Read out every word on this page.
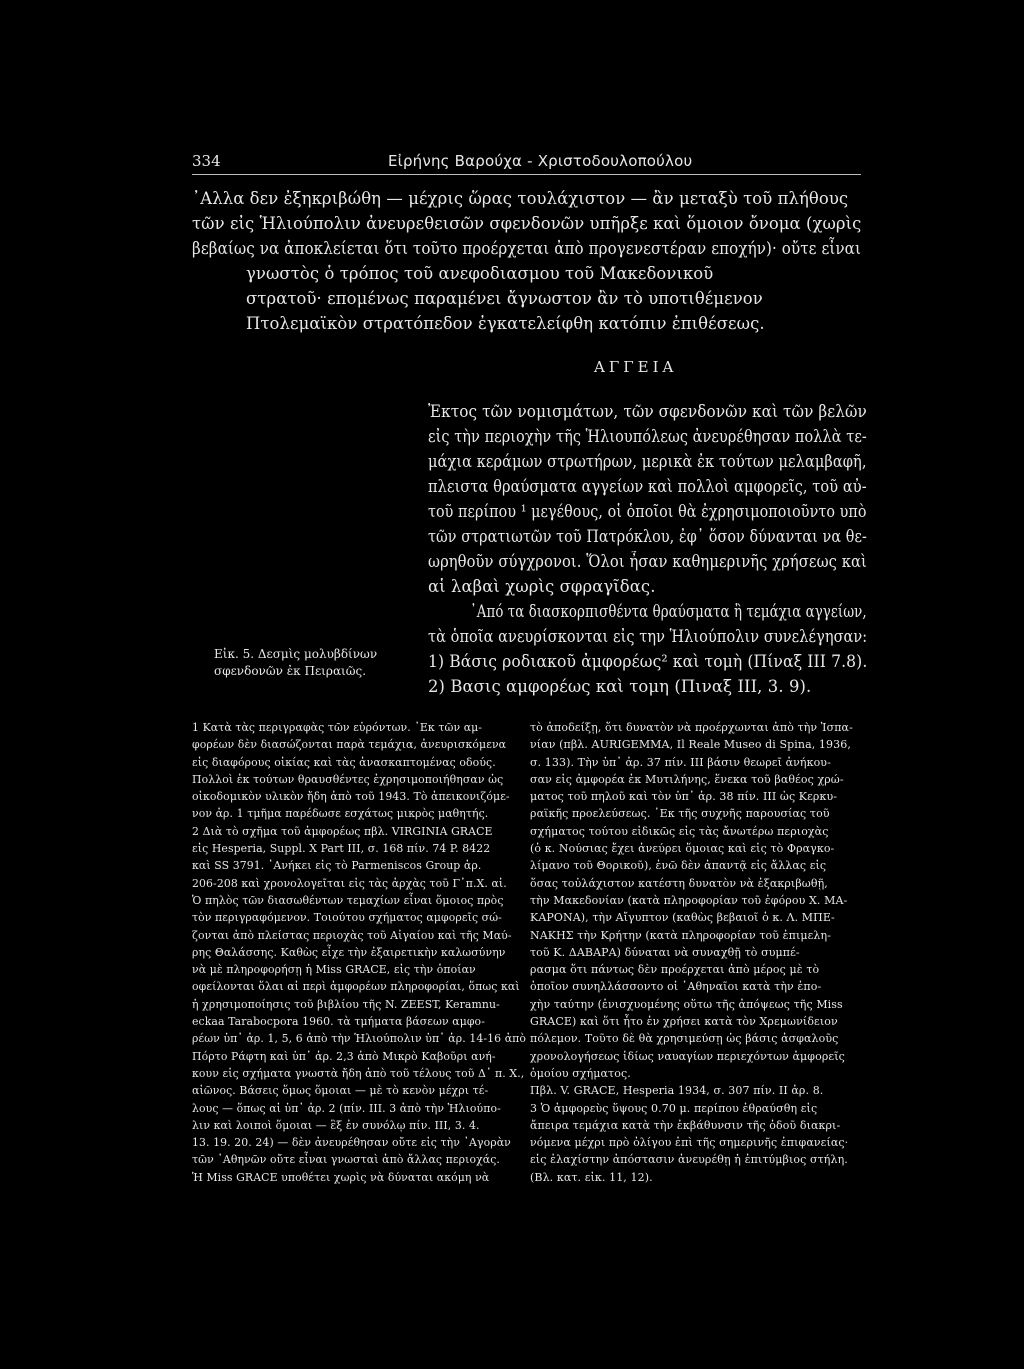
334	Εἰρήνης Βαρούχα - Χριστοδουλοπούλου
᾿Αλλα δεν ἐξηκριβώθη — μέχρις ὥρας τουλάχιστον — ἂν μεταξὺ τοῦ πλήθους
τῶν εἰς Ἡλιούπολιν ἀνευρεθεισῶν σφενδονῶν υπῆρξε καὶ ὅμοιον ὄνομα (χωρὶς
βεβαίως να ἀποκλείεται ὅτι τοῦτο προέρχεται ἀπὸ προγενεστέραν εποχήν)· οὔτε εἶναι
γνωστὸς ὁ τρόπος τοῦ ανεφοδιασμου τοῦ Μακεδονικοῦ
στρατοῦ· επομένως παραμένει ἄγνωστον ἂν τὸ υποτιθέμενον
Πτολεμαϊκὸν στρατόπεδον ἐγκατελείφθη κατόπιν ἐπιθέσεως.
ΑΓΓΕΙΑ
Ἐκτος τῶν νομισμάτων, τῶν σφενδονῶν καὶ τῶν βελῶν
εἰς τὴν περιοχὴν τῆς Ἡλιουπόλεως ἀνευρέθησαν πολλὰ τε-
μάχια κεράμων στρωτήρων, μερικὰ ἐκ τούτων μελαμβαφῆ,
πλειστα θραύσματα αγγείων καὶ πολλοὶ αμφορεῖς, τοῦ αὐ-
τοῦ περίπου ¹ μεγέθους, οἱ ὁποῖοι θὰ ἐχρησιμοποιοῦντο υπὸ
τῶν στρατιωτῶν τοῦ Πατρόκλου, ἐφ᾿ ὅσον δύνανται να θε-
ωρηθοῦν σύγχρονοι. Ὅλοι ἦσαν καθημερινῆς χρήσεως καὶ
αἱ λαβαὶ χωρὶς σφραγῖδας.
᾿Από τα διασκορπισθέντα θραύσματα ἢ τεμάχια αγγείων,
τὰ ὁποῖα ανευρίσκονται εἰς την Ἡλιούπολιν συνελέγησαν:
1) Βάσις ροδιακοῦ ἀμφορέως² καὶ τομὴ (Πίναξ III 7.8).
2) Βασις αμφορέως καὶ τομη (Πιναξ III, 3. 9).
Εἰκ. 5. Δεσμὶς μολυβδίνων
σφενδονῶν ἐκ Πειραιῶς.
1 Κατὰ τὰς περιγραφὰς τῶν εὑρόντων. ᾿Εκ τῶν αμ-
φορέων δὲν διασώζονται παρὰ τεμάχια, ἀνευρισκόμενα
εἰς διαφόρους οἰκίας καὶ τὰς ἀνασκαπτομένας οδούς.
Πολλοὶ ἐκ τούτων θραυσθέντες ἐχρησιμοποιήθησαν ὡς
οἰκοδομικὸν υλικὸν ἤδη ἀπὸ τοῦ 1943. Τὸ ἀπεικονιζόμε-
νον ἀρ. 1 τμῆμα παρέδωσε εσχάτως μικρὸς μαθητής.
2 Διὰ τὸ σχῆμα τοῦ ἀμφορέως πβλ. VIRGINIA GRACE
εἰς Hesperia, Suppl. X Part III, σ. 168 πίν. 74 P. 8422
καὶ SS 3791. ᾿Ανήκει εἰς τὸ Parmeniscos Group ἀρ.
206-208 καὶ χρονολογεῖται εἰς τὰς ἀρχὰς τοῦ Γ᾿π.Χ. αἰ.
Ὁ πηλὸς τῶν διασωθέντων τεμαχίων εἶναι ὅμοιος πρὸς
τὸν περιγραφόμενον. Τοιούτου σχήματος αμφορεῖς σώ-
ζονται ἀπὸ πλείστας περιοχὰς τοῦ Αἰγαίου καὶ τῆς Μαύ-
ρης Θαλάσσης. Καθὼς εἶχε τὴν ἐξαιρετικὴν καλωσύνην
νὰ μὲ πληροφορήσῃ ἡ Miss GRACE, εἰς τὴν ὁποίαν
οφείλονται ὅλαι αἱ περὶ ἀμφορέων πληροφορίαι, ὅπως καὶ
ἡ χρησιμοποίησις τοῦ βιβλίου τῆς N. ZEEST, Keramnu-
eckaa Taraboсpora 1960. τὰ τμήματα βάσεων αμφο-
ρέων ὑπ᾿ ἀρ. 1, 5, 6 ἀπὸ τὴν Ἡλιούπολιν ὑπ᾿ ἀρ. 14-16 ἀπὸ
Πόρτο Ράφτη καὶ ὑπ᾿ ἀρ. 2,3 ἀπὸ Μικρὸ Καβοῦρι ανή-
κουν εἰς σχήματα γνωστὰ ἤδη ἀπὸ τοῦ τέλους τοῦ Δ᾿ π. Χ.,
αἰῶνος. Βάσεις ὅμως ὅμοιαι — μὲ τὸ κενὸν μέχρι τέ-
λους — ὅπως αἱ ὑπ᾿ ἀρ. 2 (πίν. III. 3 ἀπὸ τὴν Ἡλιούπο-
λιν καὶ λοιποὶ ὅμοιαι — ἓξ ἐν συνόλῳ πίν. III, 3. 4.
13. 19. 20. 24) — δὲν ἀνευρέθησαν οὔτε εἰς τὴν ᾿Αγορὰν
τῶν ᾿Αθηνῶν οὔτε εἶναι γνωσταὶ ἀπὸ ἄλλας περιοχάς.
Ἡ Miss GRACE υποθέτει χωρὶς νὰ δύναται ακόμη νὰ
τὸ ἀποδείξῃ, ὅτι δυνατὸν νὰ προέρχωνται ἀπὸ τὴν Ἰσπα-
νίαν (πβλ. AURIGEMMA, Il Reale Museo di Spina, 1936,
σ. 133). Τὴν ὑπ᾿ ἀρ. 37 πίν. III βάσιν θεωρεῖ ἀνήκου-
σαν εἰς ἀμφορέα ἐκ Μυτιλήνης, ἕνεκα τοῦ βαθέος χρώ-
ματος τοῦ πηλοῦ καὶ τὸν ὑπ᾿ ἀρ. 38 πίν. III ὡς Κερκυ-
ραϊκῆς προελεύσεως. ᾿Εκ τῆς συχνῆς παρουσίας τοῦ
σχήματος τούτου εἰδικῶς εἰς τὰς ἄνωτέρω περιοχὰς
(ὁ κ. Νούσιας ἔχει ἀνεύρει ὅμοιας καὶ εἰς τὸ Φραγκο-
λίμανο τοῦ Θορικοῦ), ἐνῶ δὲν ἀπαντᾷ εἰς ἄλλας εἰς
ὅσας τοὐλάχιστον κατέστη δυνατὸν νὰ ἐξακριβωθῇ,
τὴν Μακεδονίαν (κατὰ πληροφορίαν τοῦ ἐφόρου Χ. ΜΑ-
ΚΑΡΟΝΑ), τὴν Αἴγυπτον (καθὼς βεβαιοῖ ὁ κ. Λ. ΜΠΕ-
ΝΑΚΗΣ τὴν Κρήτην (κατὰ πληροφορίαν τοῦ ἐπιμελη-
τοῦ Κ. ΔΑΒΑΡΑ) δύναται νὰ συναχθῇ τὸ συμπέ-
ρασμα ὅτι πάντως δὲν προέρχεται ἀπὸ μέρος μὲ τὸ
ὁποῖον συνηλλάσσοντο οἱ ᾿Αθηναῖοι κατὰ τὴν ἐπο-
χὴν ταύτην (ἐνισχυομένης οὕτω τῆς ἀπόψεως τῆς Miss
GRACE) καὶ ὅτι ἦτο ἐν χρήσει κατὰ τὸν Χρεμωνίδειον
πόλεμον. Τοῦτο δὲ θὰ χρησιμεύσῃ ὡς βάσις ἀσφαλοῦς
χρονολογήσεως ἰδίως ναυαγίων περιεχόντων ἀμφορεῖς
ὁμοίου σχήματος.
Πβλ. V. GRACE, Hesperia 1934, σ. 307 πίν. II ἀρ. 8.
3 Ὁ ἀμφορεὺς ὕψους 0.70 μ. περίπου ἐθραύσθη εἰς
ἄπειρα τεμάχια κατὰ τὴν ἐκβάθυνσιν τῆς ὁδοῦ διακρι-
νόμενα μέχρι πρὸ ὀλίγου ἐπὶ τῆς σημερινῆς ἐπιφανείας·
εἰς ἐλαχίστην ἀπόστασιν ἀνευρέθῃ ἡ ἐπιτύμβιος στήλη.
(Βλ. κατ. εἰκ. 11, 12).
